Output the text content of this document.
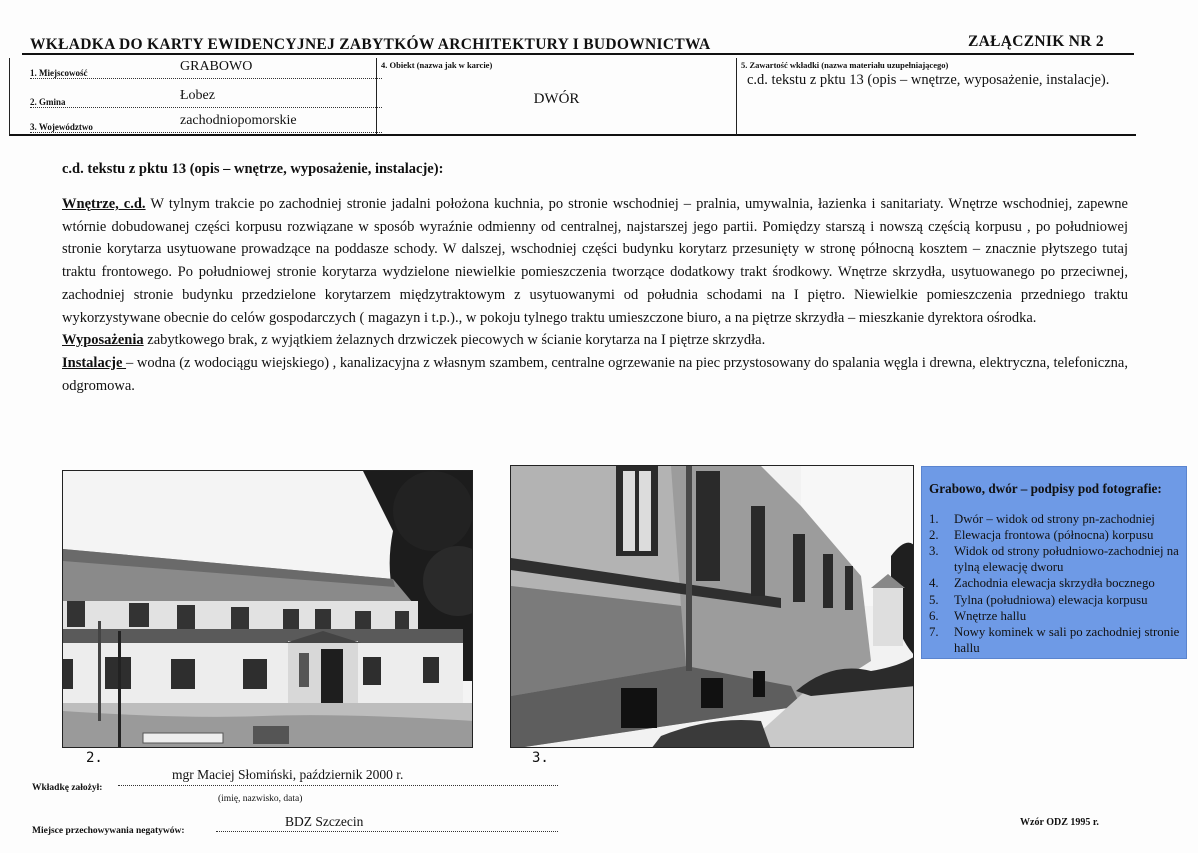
WKŁADKA DO KARTY EWIDENCYJNEJ ZABYTKÓW ARCHITEKTURY I BUDOWNICTWA	ZAŁĄCZNIK NR 2
1. Miejscowość	GRABOWO
2. Gmina	Łobez
3. Województwo	zachodniopomorskie
4. Obiekt (nazwa jak w karcie)
DWÓR
5. Zawartość wkładki (nazwa materiału uzupełniającego)
c.d. tekstu z pktu 13 (opis – wnętrze, wyposażenie, instalacje).
c.d. tekstu z pktu 13 (opis – wnętrze, wyposażenie, instalacje):

Wnętrze, c.d. W tylnym trakcie po zachodniej stronie jadalni położona kuchnia, po stronie wschodniej – pralnia, umywalnia, łazienka i sanitariaty. Wnętrze wschodniej, zapewne wtórnie dobudowanej części korpusu rozwiązane w sposób wyraźnie odmienny od centralnej, najstarszej jego partii. Pomiędzy starszą i nowszą częścią korpusu , po południowej stronie korytarza usytuowane prowadzące na poddasze schody. W dalszej, wschodniej części budynku korytarz przesunięty w stronę północną kosztem – znacznie płytszego tutaj traktu frontowego. Po południowej stronie korytarza wydzielone niewielkie pomieszczenia tworzące dodatkowy trakt środkowy. Wnętrze skrzydła, usytuowanego po przeciwnej, zachodniej stronie budynku przedzielone korytarzem międzytraktowym z usytuowanymi od południa schodami na I piętro. Niewielkie pomieszczenia przedniego traktu wykorzystywane obecnie do celów gospodarczych ( magazyn i t.p.)., w pokoju tylnego traktu umieszczone biuro, a na piętrze skrzydła – mieszkanie dyrektora ośrodka.

Wyposażenia zabytkowego brak, z wyjątkiem żelaznych drzwiczek piecowych w ścianie korytarza na I piętrze skrzydła.

Instalacje – wodna (z wodociągu wiejskiego) , kanalizacyjna z własnym szambem, centralne ogrzewanie na piec przystosowany do spalania węgla i drewna, elektryczna, telefoniczna, odgromowa.

2.	3.
Grabowo, dwór – podpisy pod fotografie:
1.	Dwór – widok od strony pn-zachodniej
2.	Elewacja frontowa (północna) korpusu
3.	Widok od strony południowo-zachodniej na tylną elewację dworu
4.	Zachodnia elewacja skrzydła bocznego
5.	Tylna (południowa) elewacja korpusu
6.	Wnętrze hallu
7.	Nowy kominek w sali po zachodniej stronie hallu
Wkładkę założył:
mgr Maciej Słomiński, październik 2000 r.
(imię, nazwisko, data)
Miejsce przechowywania negatywów:
BDZ Szczecin	Wzór ODZ 1995 r.
